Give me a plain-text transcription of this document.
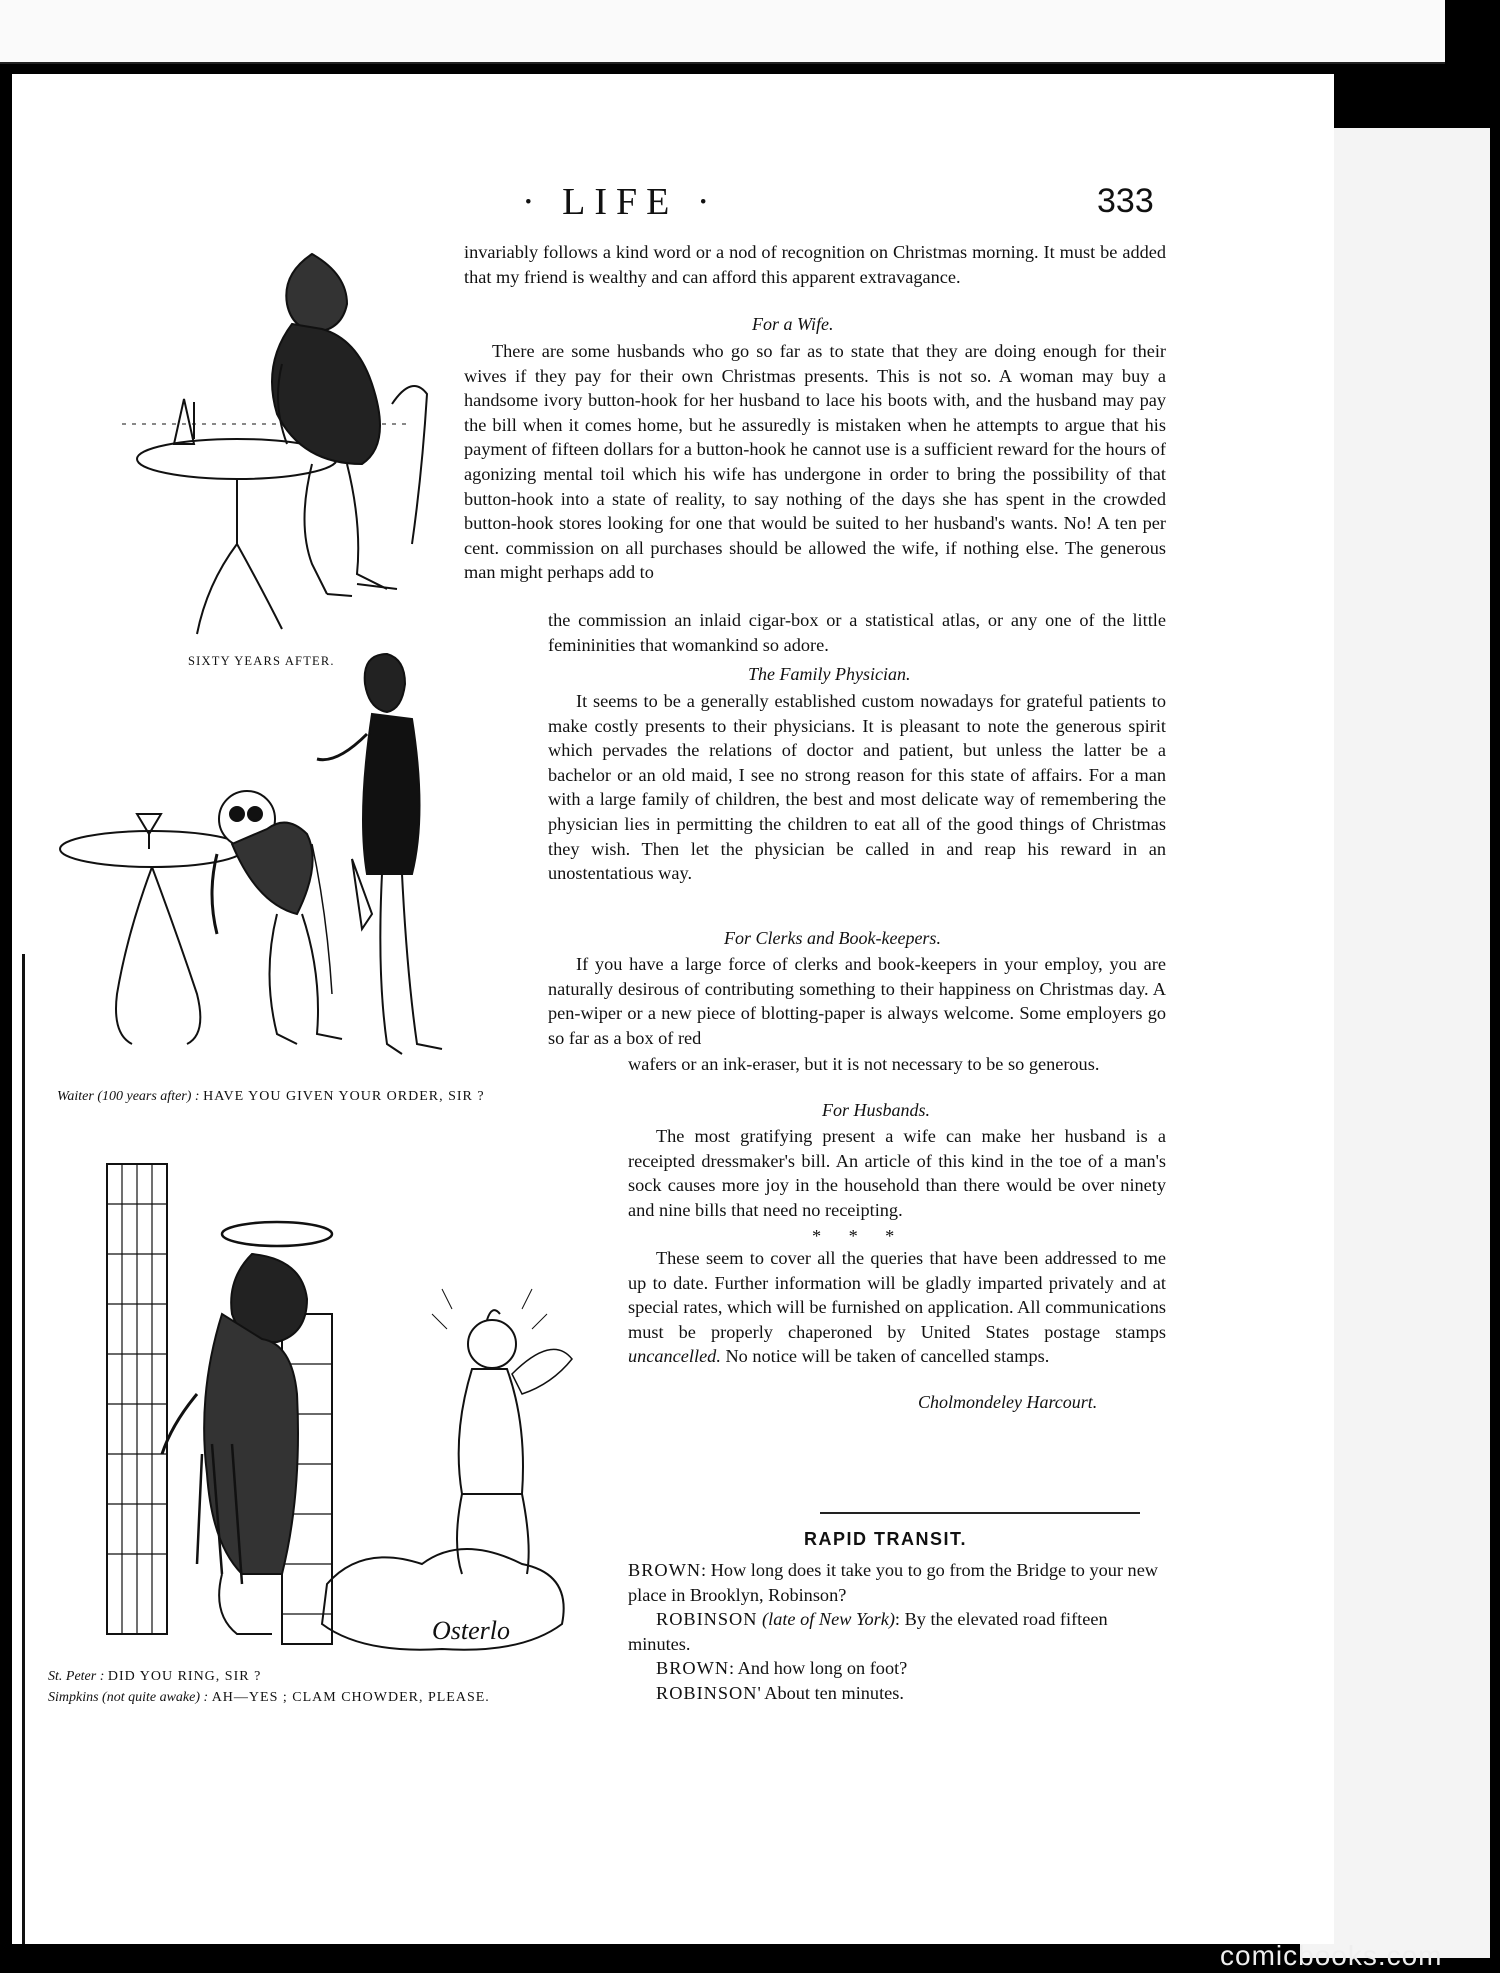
· LIFE ·	333
SIXTY YEARS AFTER.
Waiter (100 years after) : HAVE YOU GIVEN YOUR ORDER, SIR ?
Osterlo
St. Peter : DID YOU RING, SIR ?
Simpkins (not quite awake) : AH—YES ; CLAM CHOWDER, PLEASE.

invariably follows a kind word or a nod of recognition on Christmas morning. It must be added that my friend is wealthy and can afford this apparent extravagance.

For a Wife.

There are some husbands who go so far as to state that they are doing enough for their wives if they pay for their own Christmas presents. This is not so. A woman may buy a handsome ivory button-hook for her husband to lace his boots with, and the husband may pay the bill when it comes home, but he assuredly is mistaken when he attempts to argue that his payment of fifteen dollars for a button-hook he cannot use is a sufficient reward for the hours of agonizing mental toil which his wife has undergone in order to bring the possibility of that button-hook into a state of reality, to say nothing of the days she has spent in the crowded button-hook stores looking for one that would be suited to her husband's wants. No! A ten per cent. commission on all purchases should be allowed the wife, if nothing else. The generous man might perhaps add to

the commission an inlaid cigar-box or a statistical atlas, or any one of the little femininities that womankind so adore.

The Family Physician.

It seems to be a generally established custom nowadays for grateful patients to make costly presents to their physicians. It is pleasant to note the generous spirit which pervades the relations of doctor and patient, but unless the latter be a bachelor or an old maid, I see no strong reason for this state of affairs. For a man with a large family of children, the best and most delicate way of remembering the physician lies in permitting the children to eat all of the good things of Christmas they wish. Then let the physician be called in and reap his reward in an unostentatious way.

For Clerks and Book-keepers.

If you have a large force of clerks and book-keepers in your employ, you are naturally desirous of contributing something to their happiness on Christmas day. A pen-wiper or a new piece of blotting-paper is always welcome. Some employers go so far as a box of red

wafers or an ink-eraser, but it is not necessary to be so generous.

For Husbands.

The most gratifying present a wife can make her husband is a receipted dressmaker's bill. An article of this kind in the toe of a man's sock causes more joy in the household than there would be over ninety and nine bills that need no receipting.

*      *      *

These seem to cover all the queries that have been addressed to me up to date. Further information will be gladly imparted privately and at special rates, which will be furnished on application. All communications must be properly chaperoned by United States postage stamps uncancelled. No notice will be taken of cancelled stamps.

Cholmondeley Harcourt.
RAPID TRANSIT.

BROWN: How long does it take you to go from the Bridge to your new place in Brooklyn, Robinson?

ROBINSON (late of New York): By the elevated road fifteen minutes.

BROWN: And how long on foot?

ROBINSON' About ten minutes.

comicbooks.com
